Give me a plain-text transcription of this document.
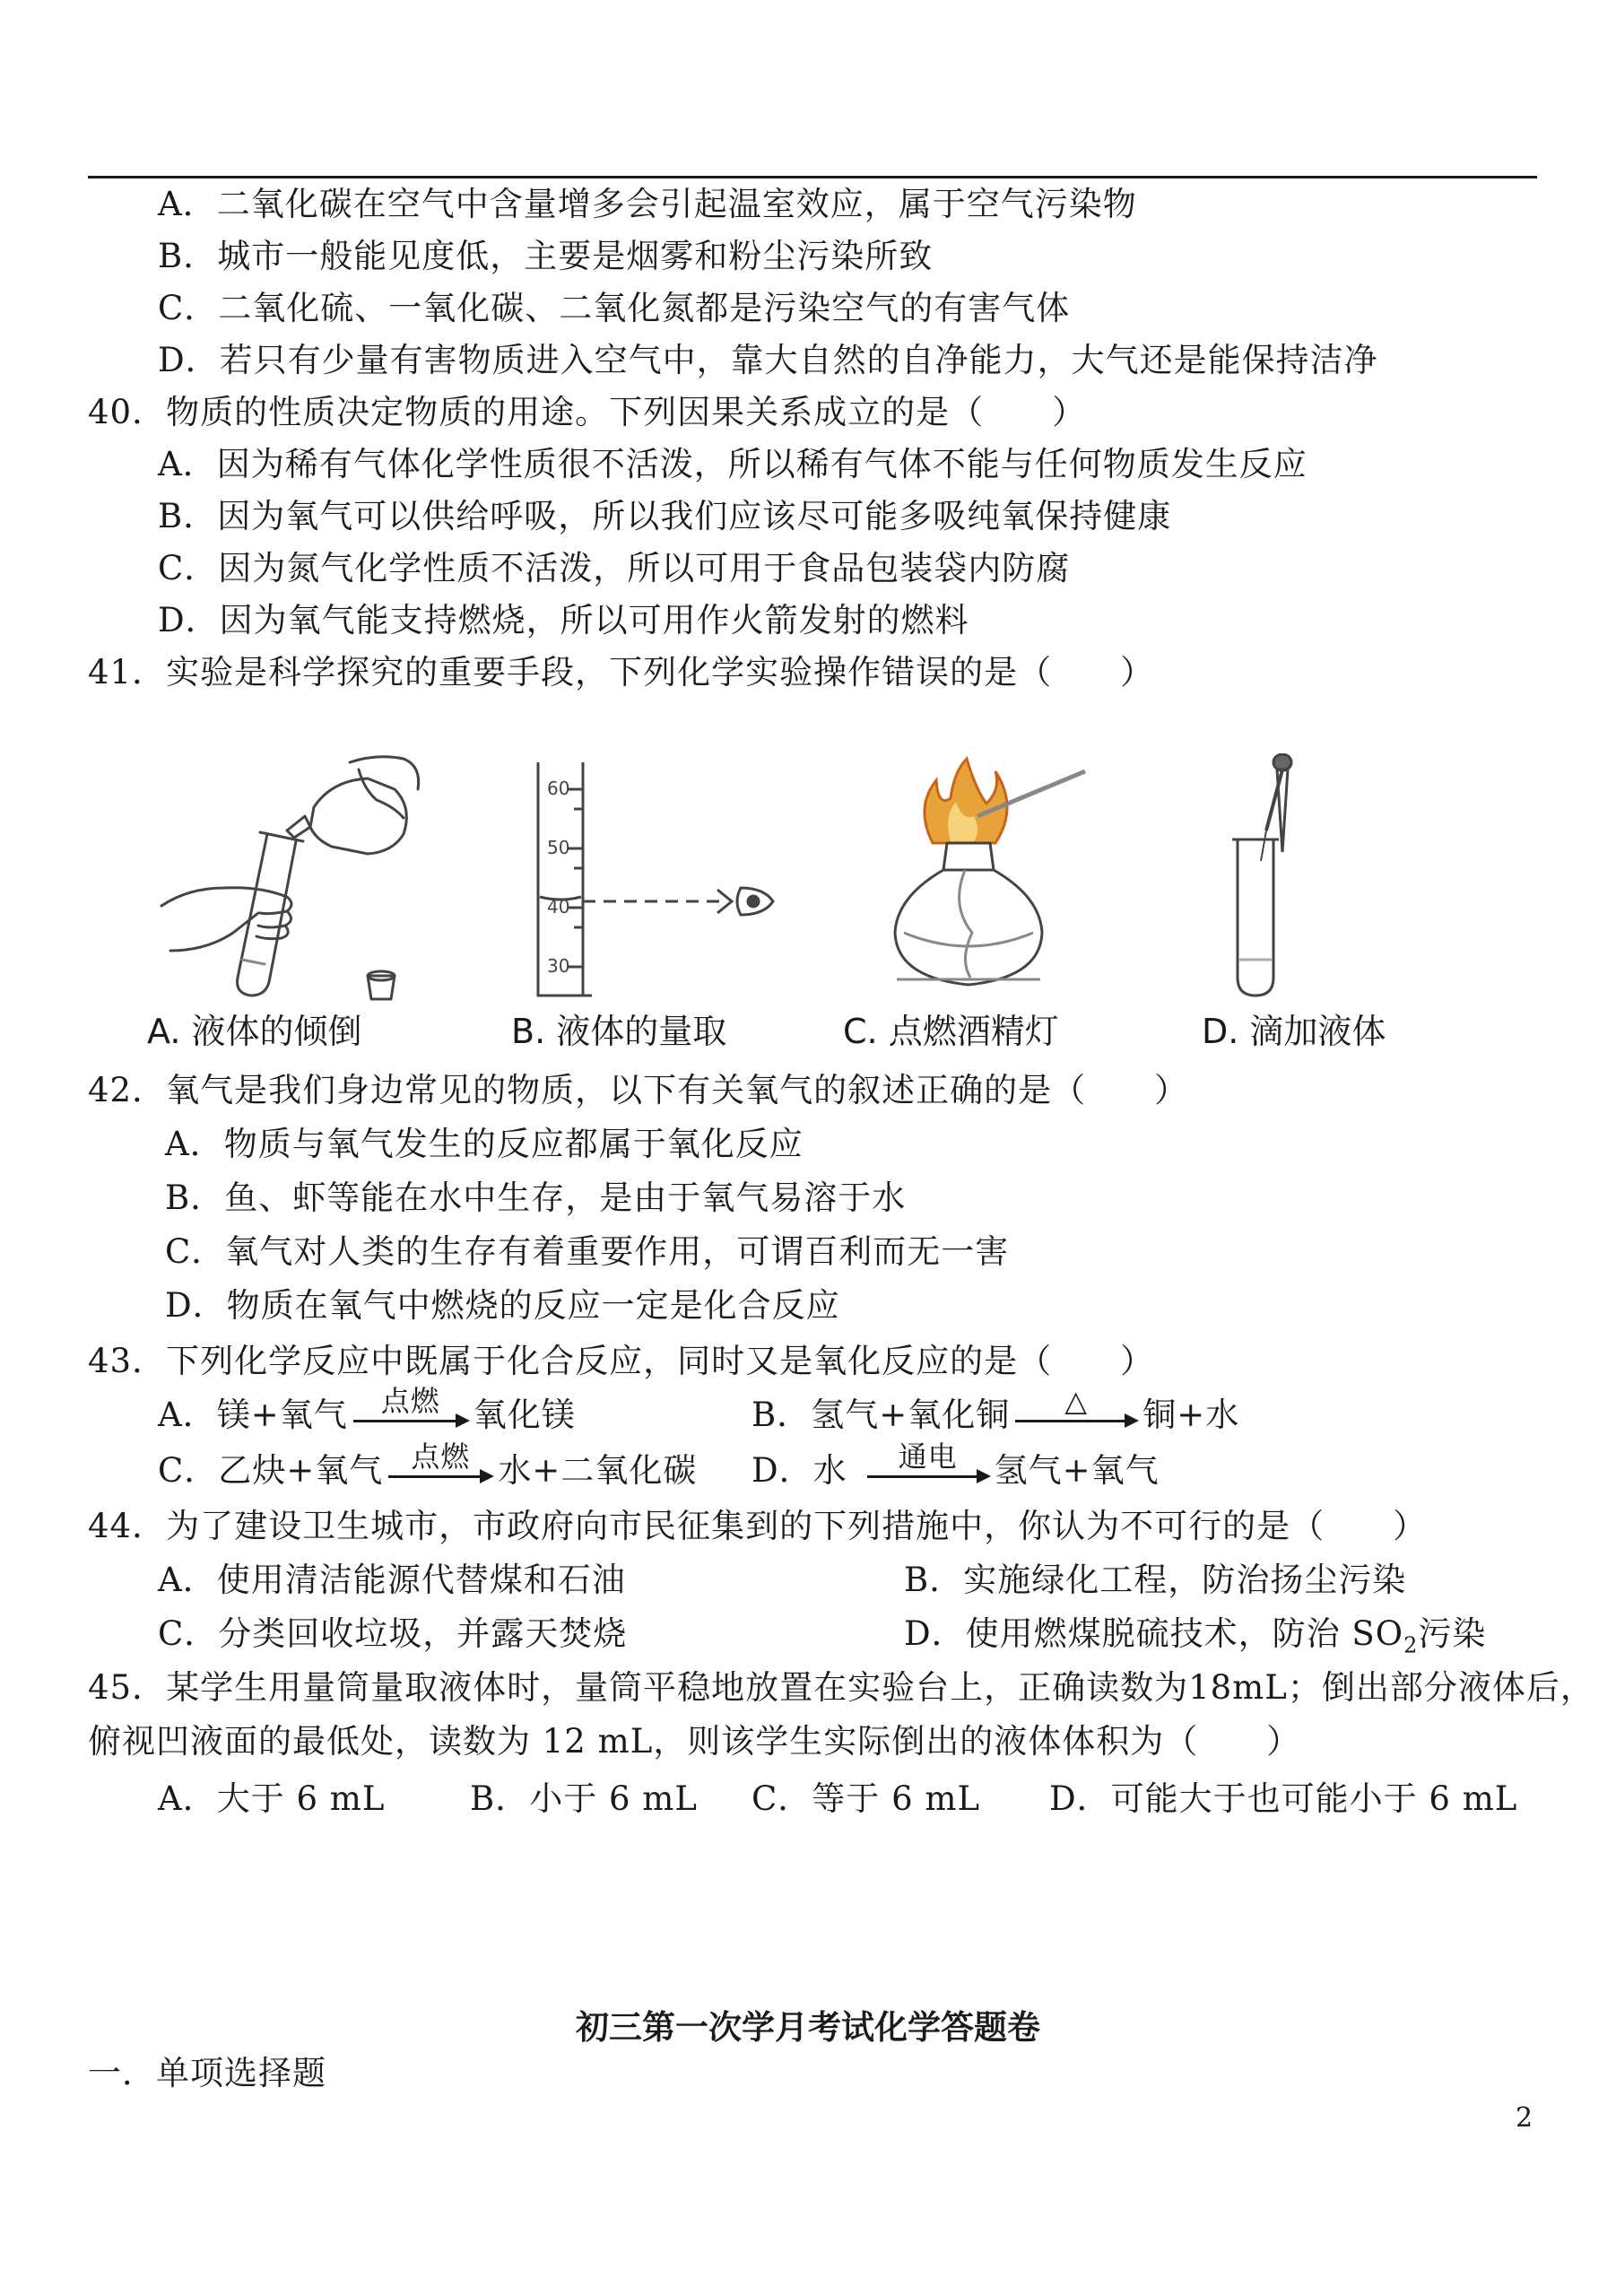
A．二氧化碳在空气中含量增多会引起温室效应，属于空气污染物
B．城市一般能见度低，主要是烟雾和粉尘污染所致
C．二氧化硫、一氧化碳、二氧化氮都是污染空气的有害气体
D．若只有少量有害物质进入空气中，靠大自然的自净能力，大气还是能保持洁净
40．物质的性质决定物质的用途。下列因果关系成立的是（　　）
A．因为稀有气体化学性质很不活泼，所以稀有气体不能与任何物质发生反应
B．因为氧气可以供给呼吸，所以我们应该尽可能多吸纯氧保持健康
C．因为氮气化学性质不活泼，所以可用于食品包装袋内防腐
D．因为氧气能支持燃烧，所以可用作火箭发射的燃料
41．实验是科学探究的重要手段，下列化学实验操作错误的是（　　）
60
50
40
30
A. 液体的倾倒	B. 液体的量取	C. 点燃酒精灯	D. 滴加液体
42．氧气是我们身边常见的物质，以下有关氧气的叙述正确的是（　　）
A．物质与氧气发生的反应都属于氧化反应
B．鱼、虾等能在水中生存，是由于氧气易溶于水
C．氧气对人类的生存有着重要作用，可谓百利而无一害
D．物质在氧气中燃烧的反应一定是化合反应
43．下列化学反应中既属于化合反应，同时又是氧化反应的是（　　）
A．镁+氧气	点燃	氧化镁	B．氢气+氧化铜	△	铜+水
C．乙炔+氧气 点燃 水+二氧化碳 D．水	通电	氢气+氧气
44．为了建设卫生城市，市政府向市民征集到的下列措施中，你认为不可行的是（　　）
A．使用清洁能源代替煤和石油	B．实施绿化工程，防治扬尘污染
C．分类回收垃圾，并露天焚烧	D．使用燃煤脱硫技术，防治 $SO_2$污染
45．某学生用量筒量取液体时，量筒平稳地放置在实验台上，正确读数为18mL；倒出部分液体后，
俯视凹液面的最低处，读数为 12 mL，则该学生实际倒出的液体体积为（　　）
A．大于 6 mL	B．小于 6 mL C．等于 6 mL D．可能大于也可能小于 6 mL
初三第一次学月考试化学答题卷
一．单项选择题
2
